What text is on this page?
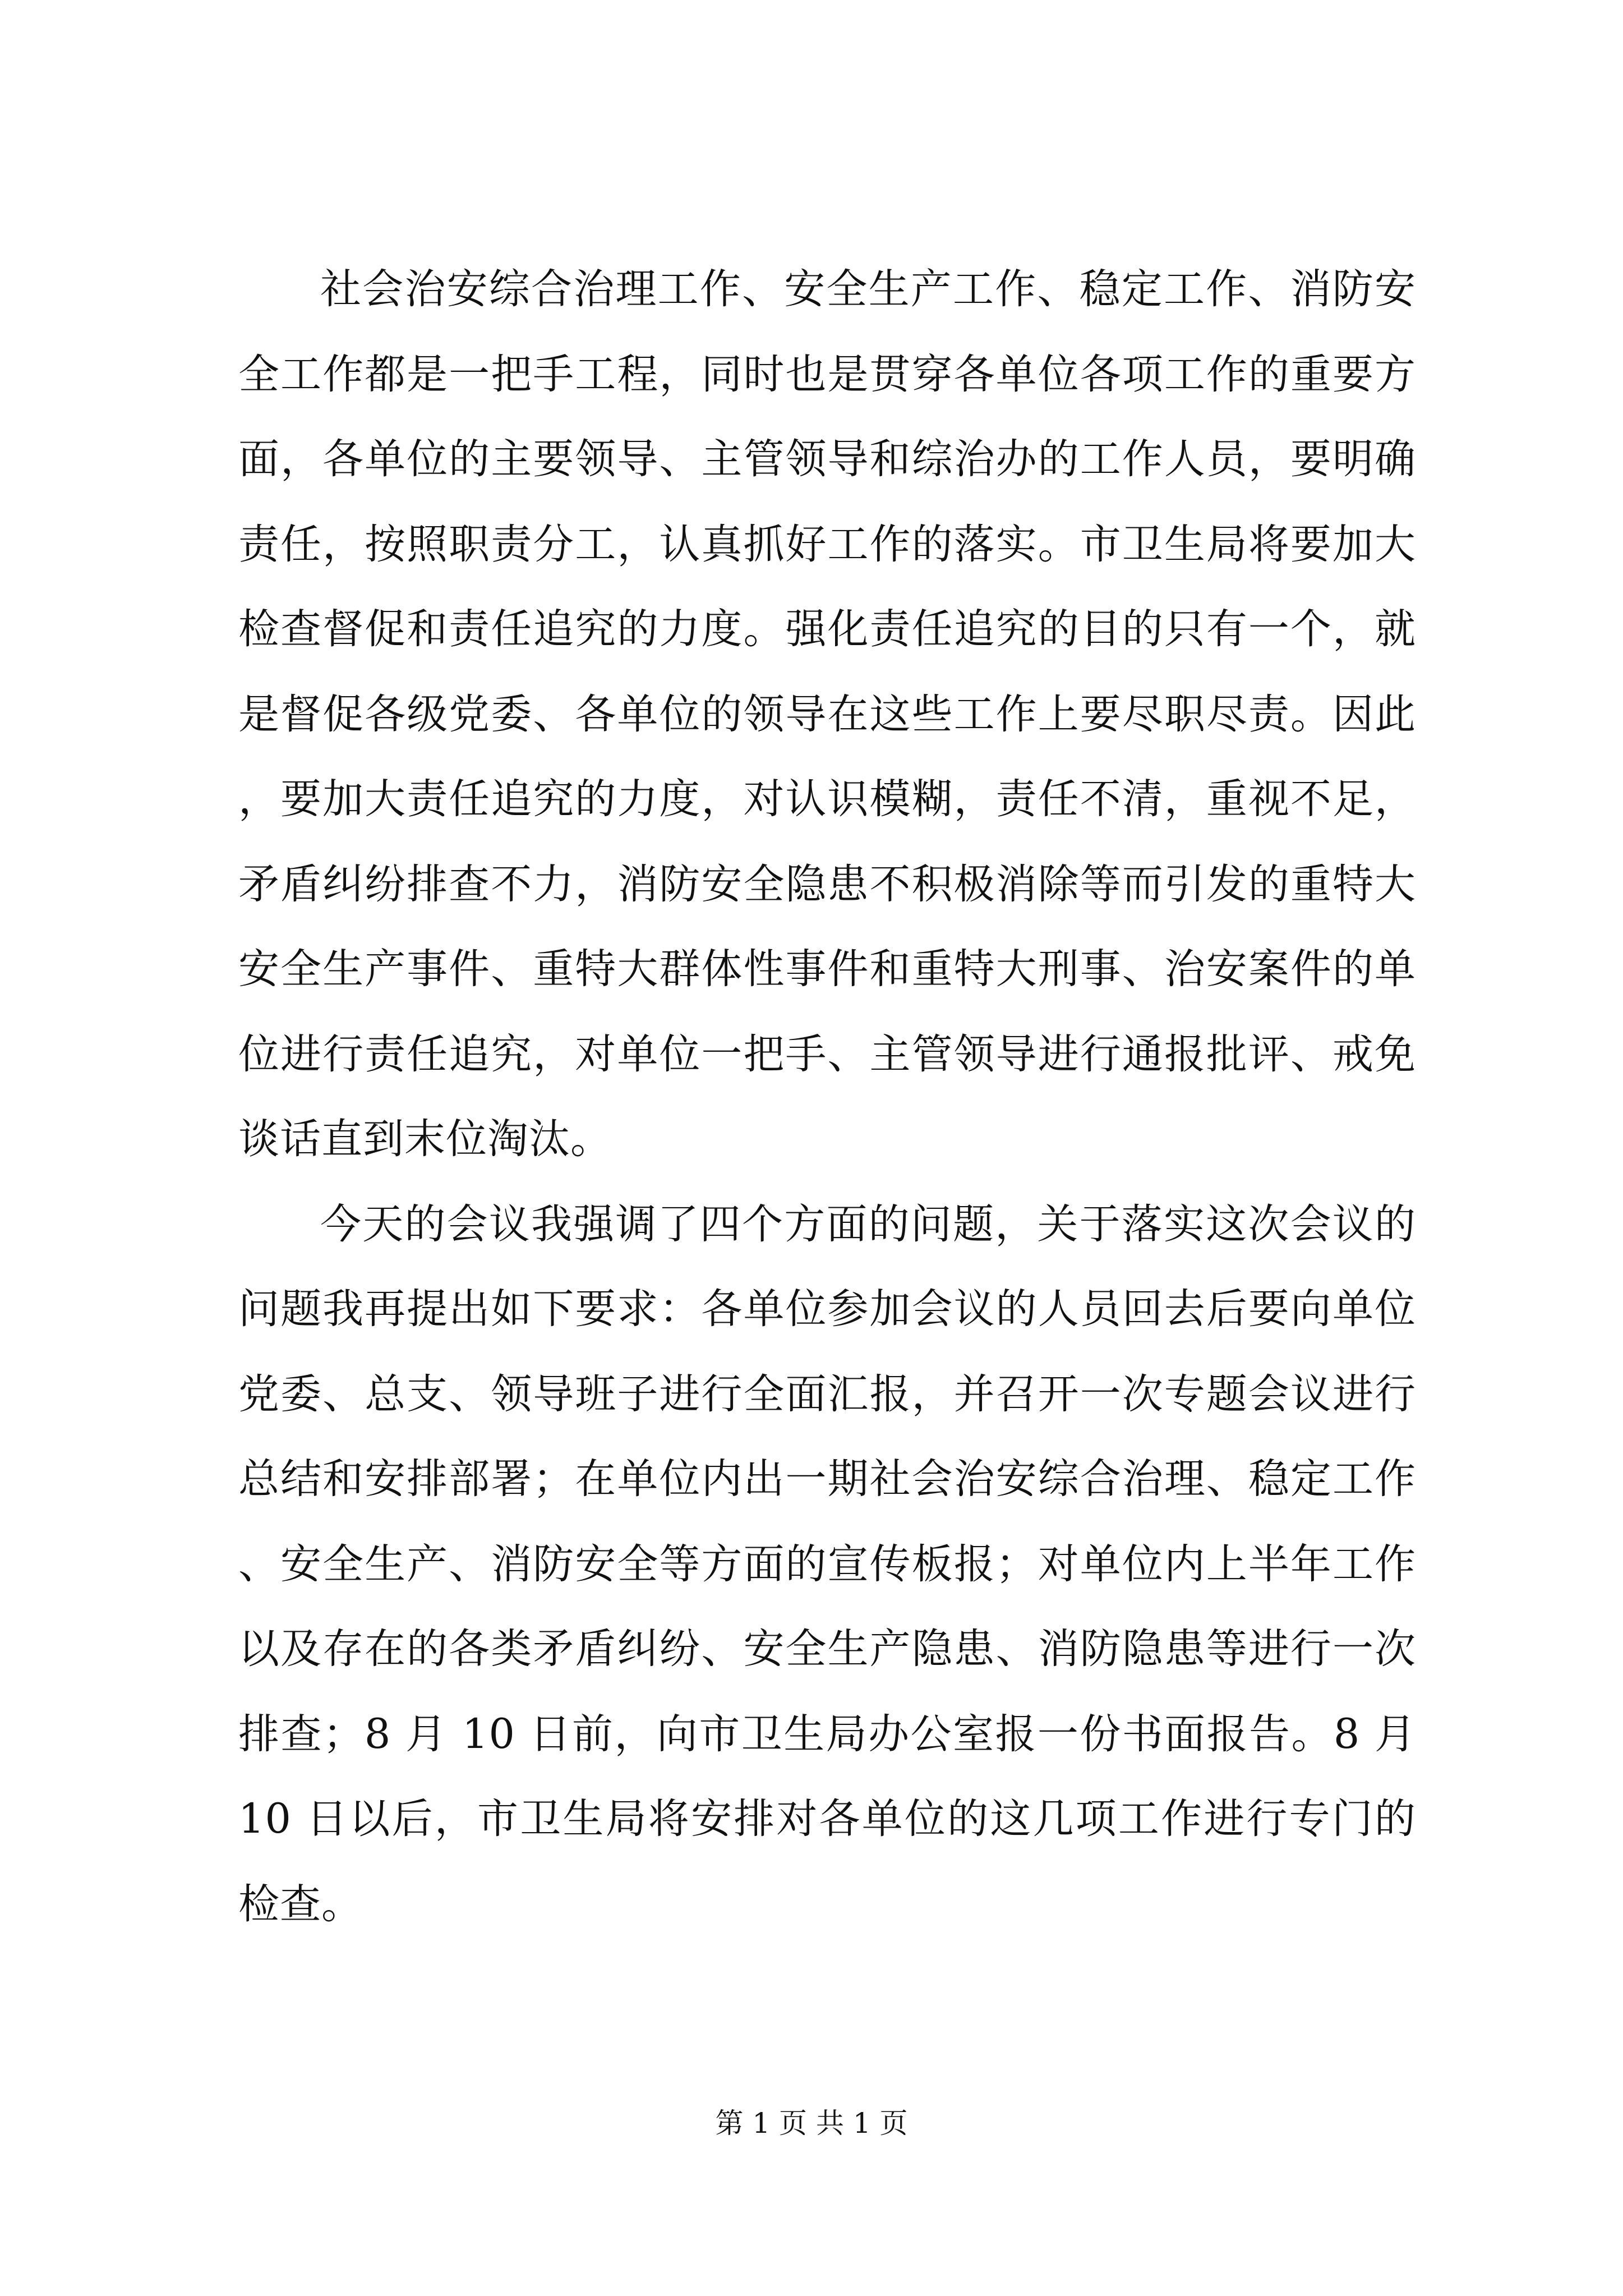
社会治安综合治理工作、安全生产工作、稳定工作、消防安全工作都是一把手工程，同时也是贯穿各单位各项工作的重要方面，各单位的主要领导、主管领导和综治办的工作人员，要明确责任，按照职责分工，认真抓好工作的落实。市卫生局将要加大检查督促和责任追究的力度。强化责任追究的目的只有一个，就是督促各级党委、各单位的领导在这些工作上要尽职尽责。因此，要加大责任追究的力度，对认识模糊，责任不清，重视不足，矛盾纠纷排查不力，消防安全隐患不积极消除等而引发的重特大安全生产事件、重特大群体性事件和重特大刑事、治安案件的单位进行责任追究，对单位一把手、主管领导进行通报批评、戒免谈话直到末位淘汰。

今天的会议我强调了四个方面的问题，关于落实这次会议的问题我再提出如下要求：各单位参加会议的人员回去后要向单位党委、总支、领导班子进行全面汇报，并召开一次专题会议进行总结和安排部署；在单位内出一期社会治安综合治理、稳定工作、安全生产、消防安全等方面的宣传板报；对单位内上半年工作以及存在的各类矛盾纠纷、安全生产隐患、消防隐患等进行一次排查；8 月 10 日前，向市卫生局办公室报一份书面报告。8 月 10 日以后，市卫生局将安排对各单位的这几项工作进行专门的检查。

第 1 页 共 1 页
